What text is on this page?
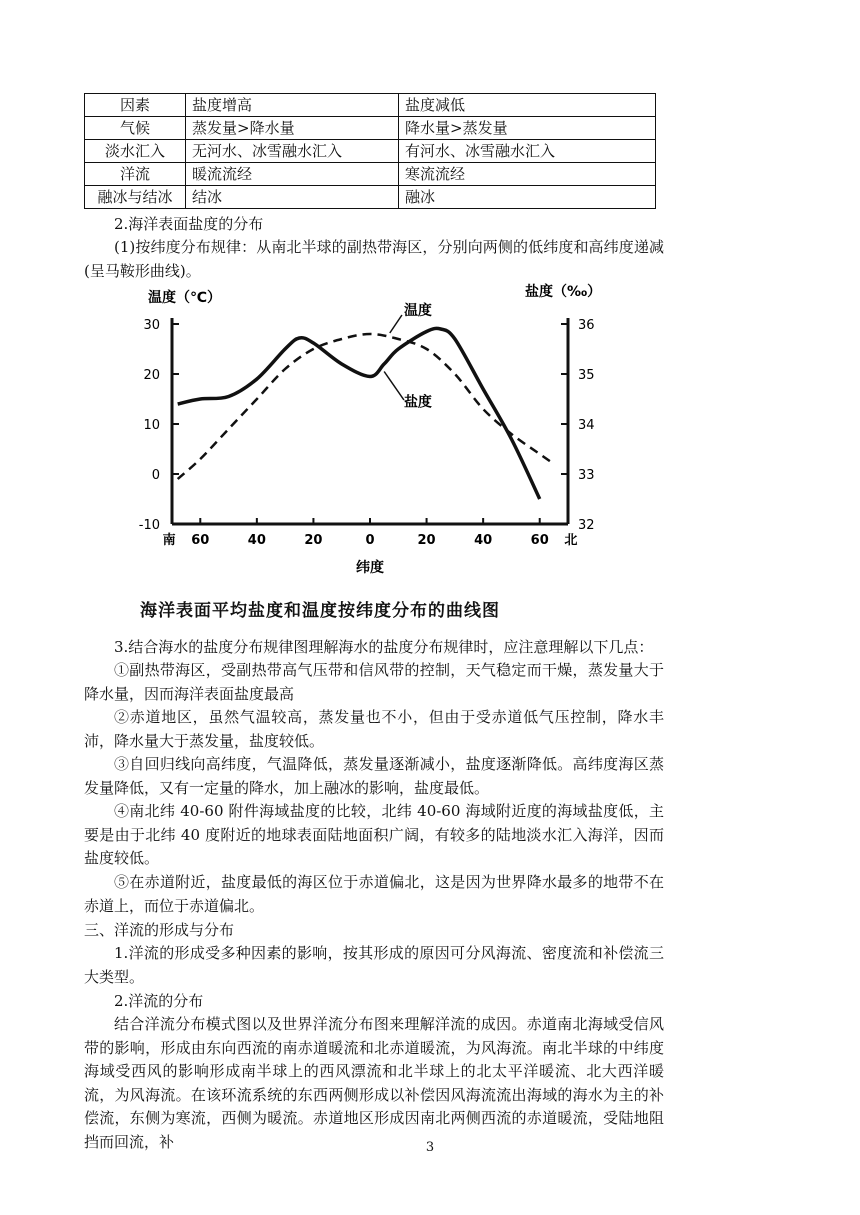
因素	盐度增高	盐度减低
气候	蒸发量>降水量	降水量>蒸发量
淡水汇入	无河水、冰雪融水汇入	有河水、冰雪融水汇入
洋流	暖流流经	寒流流经
融冰与结冰	结冰	融冰
2.海洋表面盐度的分布
(1)按纬度分布规律：从南北半球的副热带海区，分别向两侧的低纬度和高纬度递减(呈马鞍形曲线)。
30
20
10
0
-10
36
35
34
33
32
南 60	40	20	0	20	40	60 北
温度（℃）	盐度（‰）
纬度
温度
盐度
海洋表面平均盐度和温度按纬度分布的曲线图
3.结合海水的盐度分布规律图理解海水的盐度分布规律时，应注意理解以下几点：
①副热带海区，受副热带高气压带和信风带的控制，天气稳定而干燥，蒸发量大于降水量，因而海洋表面盐度最高
②赤道地区，虽然气温较高，蒸发量也不小，但由于受赤道低气压控制，降水丰沛，降水量大于蒸发量，盐度较低。
③自回归线向高纬度，气温降低，蒸发量逐渐减小，盐度逐渐降低。高纬度海区蒸发量降低，又有一定量的降水，加上融冰的影响，盐度最低。
④南北纬 40-60 附件海域盐度的比较，北纬 40-60 海域附近度的海域盐度低，主要是由于北纬 40 度附近的地球表面陆地面积广阔，有较多的陆地淡水汇入海洋，因而盐度较低。
⑤在赤道附近，盐度最低的海区位于赤道偏北，这是因为世界降水最多的地带不在赤道上，而位于赤道偏北。
三、洋流的形成与分布
1.洋流的形成受多种因素的影响，按其形成的原因可分风海流、密度流和补偿流三大类型。
2.洋流的分布
结合洋流分布模式图以及世界洋流分布图来理解洋流的成因。赤道南北海域受信风带的影响，形成由东向西流的南赤道暖流和北赤道暖流，为风海流。南北半球的中纬度海域受西风的影响形成南半球上的西风漂流和北半球上的北太平洋暖流、北大西洋暖流，为风海流。在该环流系统的东西两侧形成以补偿因风海流流出海域的海水为主的补偿流，东侧为寒流，西侧为暖流。赤道地区形成因南北两侧西流的赤道暖流，受陆地阻挡而回流，补	3
